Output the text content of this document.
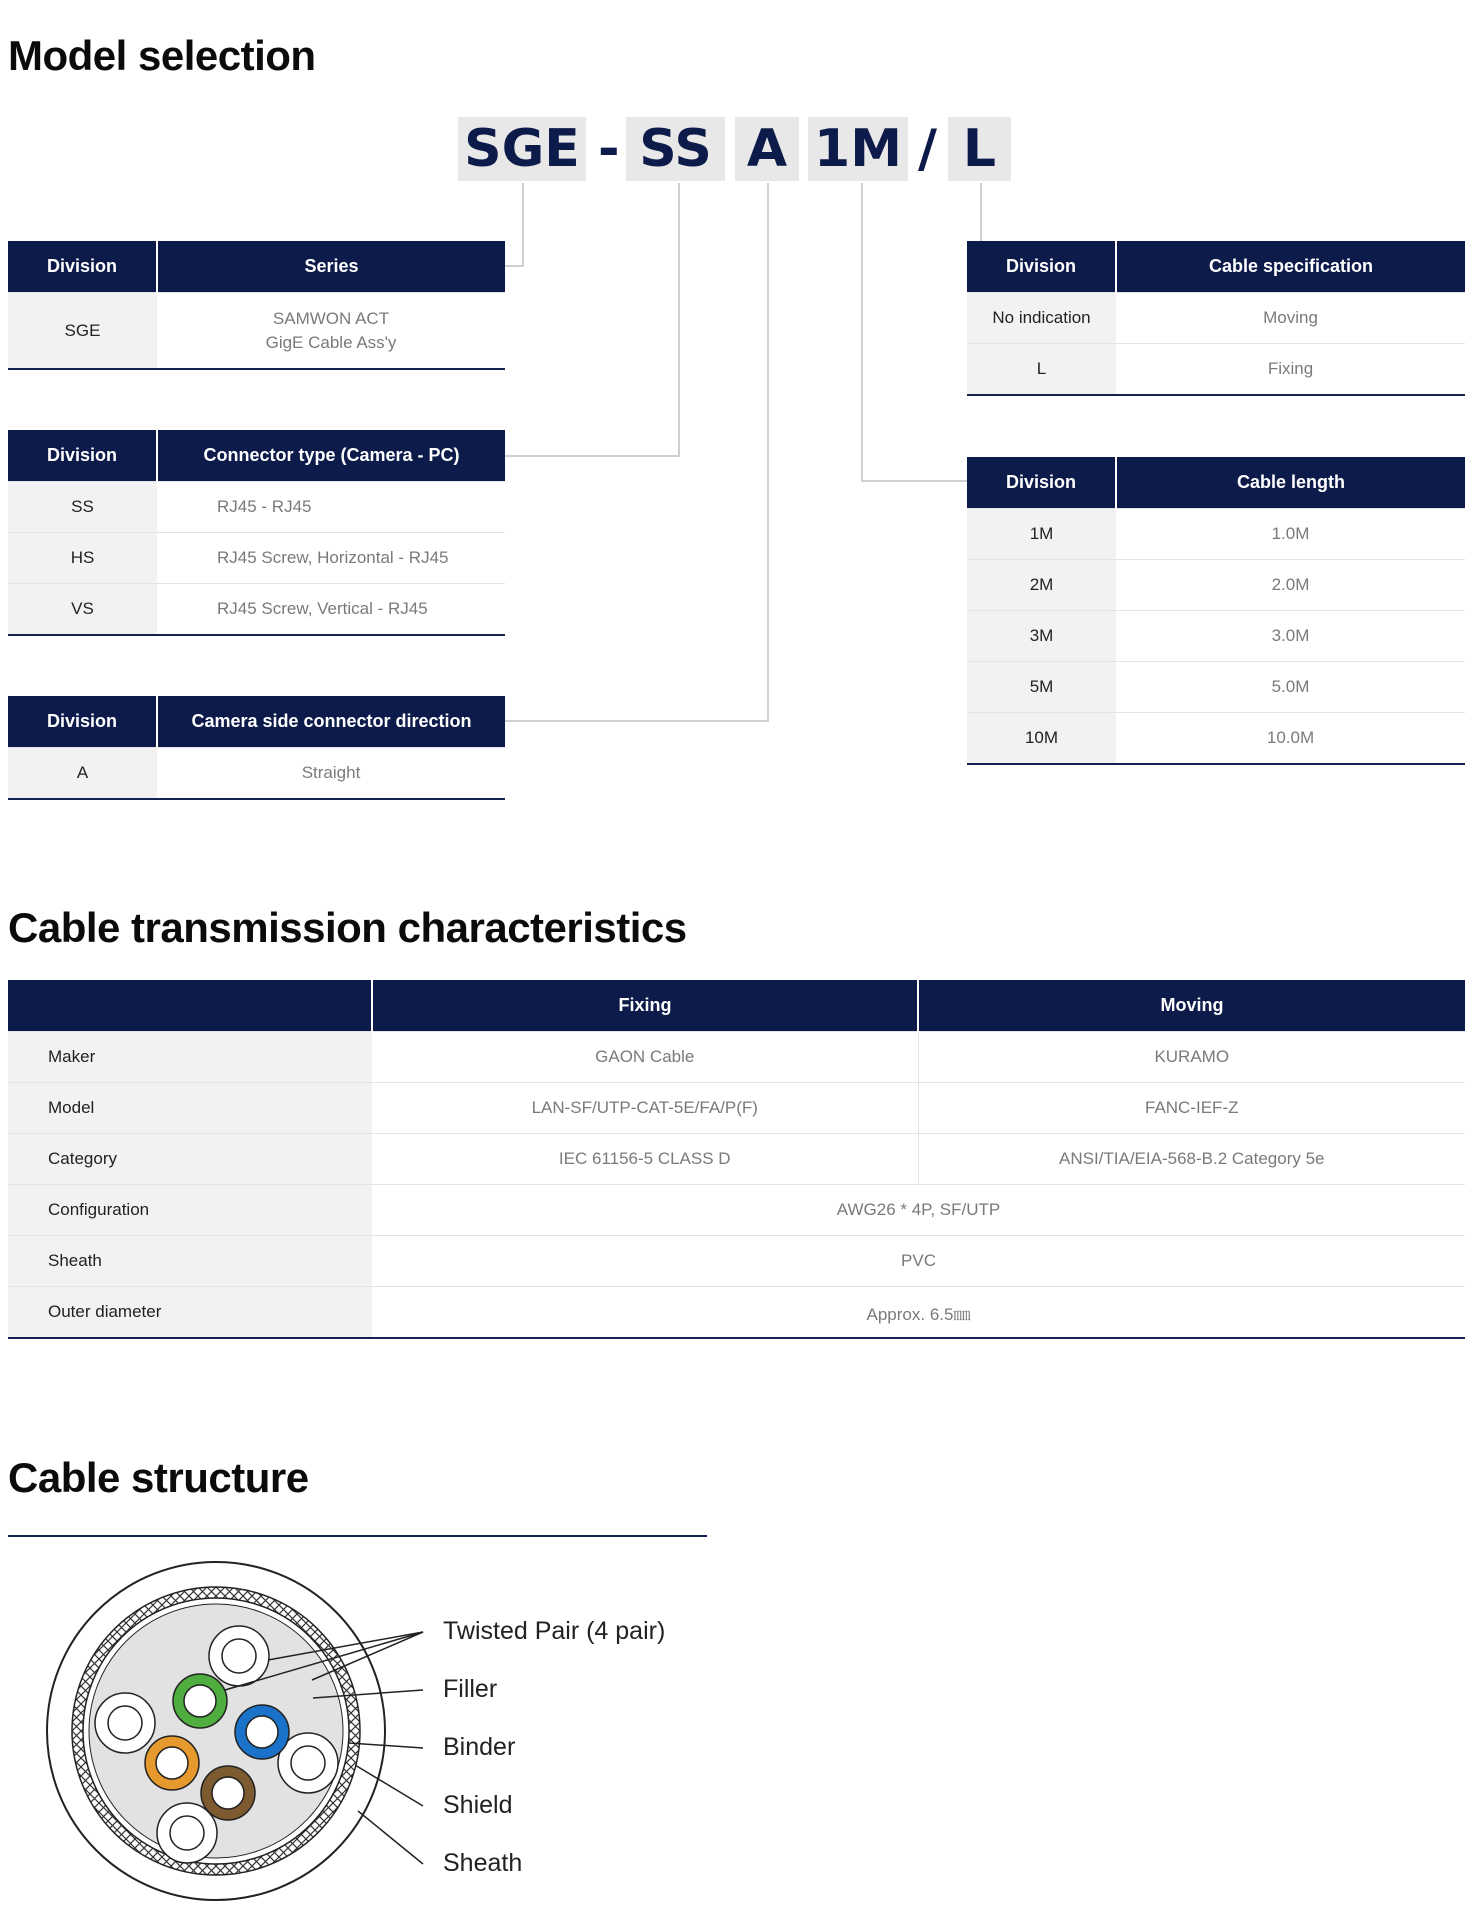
Model selection
SGE - SS A 1M / L
Division	Series
SGE	SAMWON ACT
GigE Cable Ass'y
Division	Connector type (Camera - PC)
SS	RJ45 - RJ45
HS	RJ45 Screw, Horizontal - RJ45
VS	RJ45 Screw, Vertical - RJ45
Division	Camera side connector direction
A	Straight
Division	Cable specification
No indication	Moving
L	Fixing
Division	Cable length
1M	1.0M
2M	2.0M
3M	3.0M
5M	5.0M
10M	10.0M
Cable transmission characteristics
	Fixing	Moving
Maker	GAON Cable	KURAMO
Model	LAN-SF/UTP-CAT-5E/FA/P(F)	FANC-IEF-Z
Category	IEC 61156-5 CLASS D	ANSI/TIA/EIA-568-B.2 Category 5e
Configuration	AWG26 * 4P, SF/UTP	
Sheath	PVC	
Outer diameter	Approx. 6.5㎜	
Cable structure
Twisted Pair (4 pair)
Filler
Binder
Shield
Sheath
